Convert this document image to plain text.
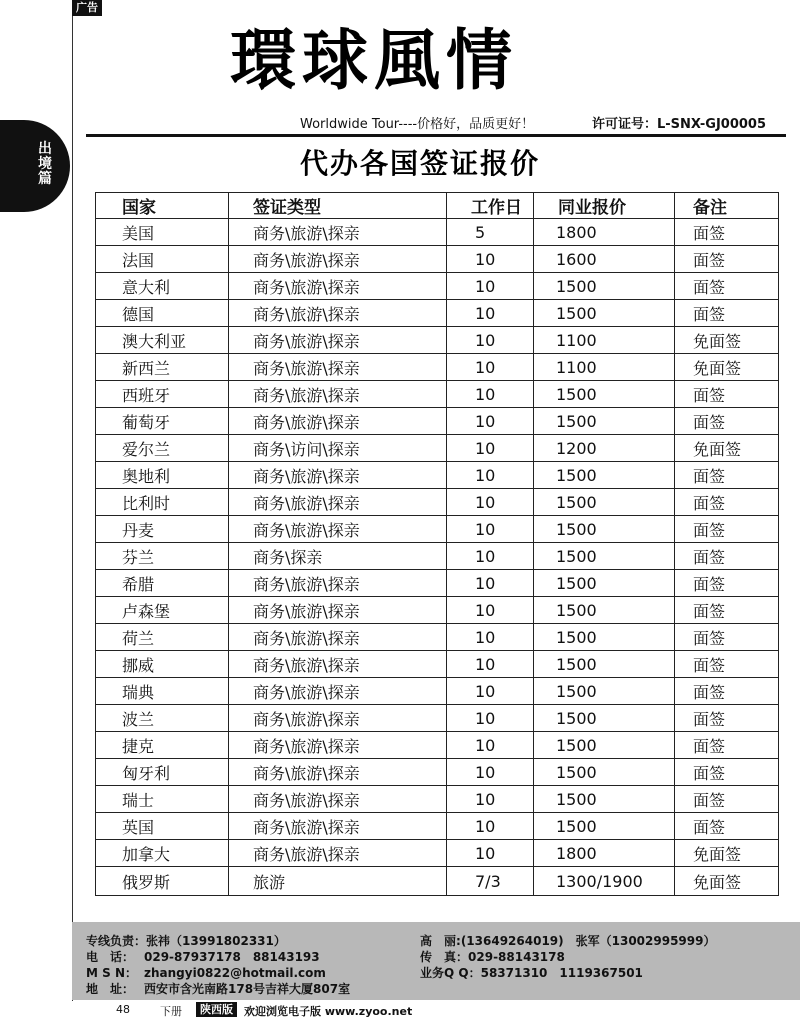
广告
出境篇
環球風情
Worldwide Tour----价格好，品质更好！	许可证号：L-SNX-GJ00005
代办各国签证报价
国家	签证类型	工作日	同业报价	备注
美国	商务\旅游\探亲	5	1800	面签
法国	商务\旅游\探亲	10	1600	面签
意大利	商务\旅游\探亲	10	1500	面签
德国	商务\旅游\探亲	10	1500	面签
澳大利亚	商务\旅游\探亲	10	1100	免面签
新西兰	商务\旅游\探亲	10	1100	免面签
西班牙	商务\旅游\探亲	10	1500	面签
葡萄牙	商务\旅游\探亲	10	1500	面签
爱尔兰	商务\访问\探亲	10	1200	免面签
奥地利	商务\旅游\探亲	10	1500	面签
比利时	商务\旅游\探亲	10	1500	面签
丹麦	商务\旅游\探亲	10	1500	面签
芬兰	商务\探亲	10	1500	面签
希腊	商务\旅游\探亲	10	1500	面签
卢森堡	商务\旅游\探亲	10	1500	面签
荷兰	商务\旅游\探亲	10	1500	面签
挪威	商务\旅游\探亲	10	1500	面签
瑞典	商务\旅游\探亲	10	1500	面签
波兰	商务\旅游\探亲	10	1500	面签
捷克	商务\旅游\探亲	10	1500	面签
匈牙利	商务\旅游\探亲	10	1500	面签
瑞士	商务\旅游\探亲	10	1500	面签
英国	商务\旅游\探亲	10	1500	面签
加拿大	商务\旅游\探亲	10	1800	免面签
俄罗斯	旅游	7/3	1300/1900	免面签
专线负责：张祎（13991802331）	高　丽:(13649264019)　张军（13002995999）
电　话： 029-87937178　88143193	传　真：029-88143178
M S N： zhangyi0822@hotmail.com	业务Q Q：58371310　1119367501
地　址： 西安市含光南路178号吉祥大厦807室
48	下册	陕西版	欢迎浏览电子版 www.zyoo.net
